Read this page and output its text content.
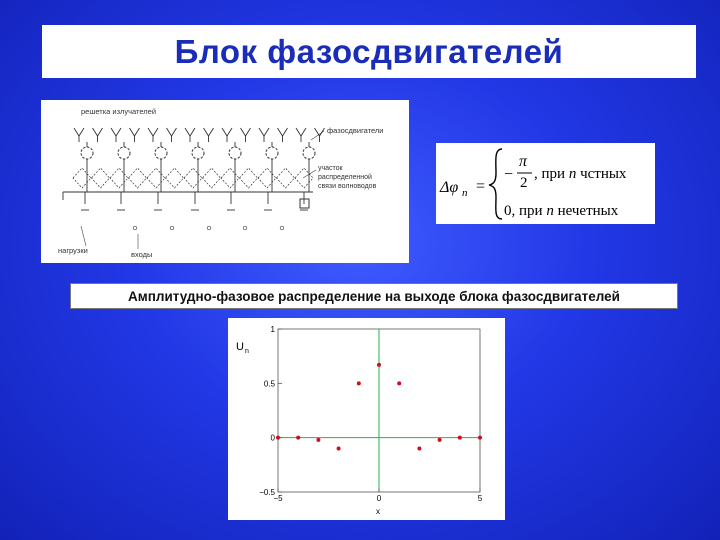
Блок фазосдвигателей
решетка излучателей
фазосдвигатели
участок
распределенной
связи волноводов
нагрузки	входы
Δφ n =
−
π
2
, при n чстных
0, при n нечетных
Амплитудно-фазовое распределение на выходе блока фазосдвигателей
1
0.5
0
−0.5
−5	0	5
U n
x
